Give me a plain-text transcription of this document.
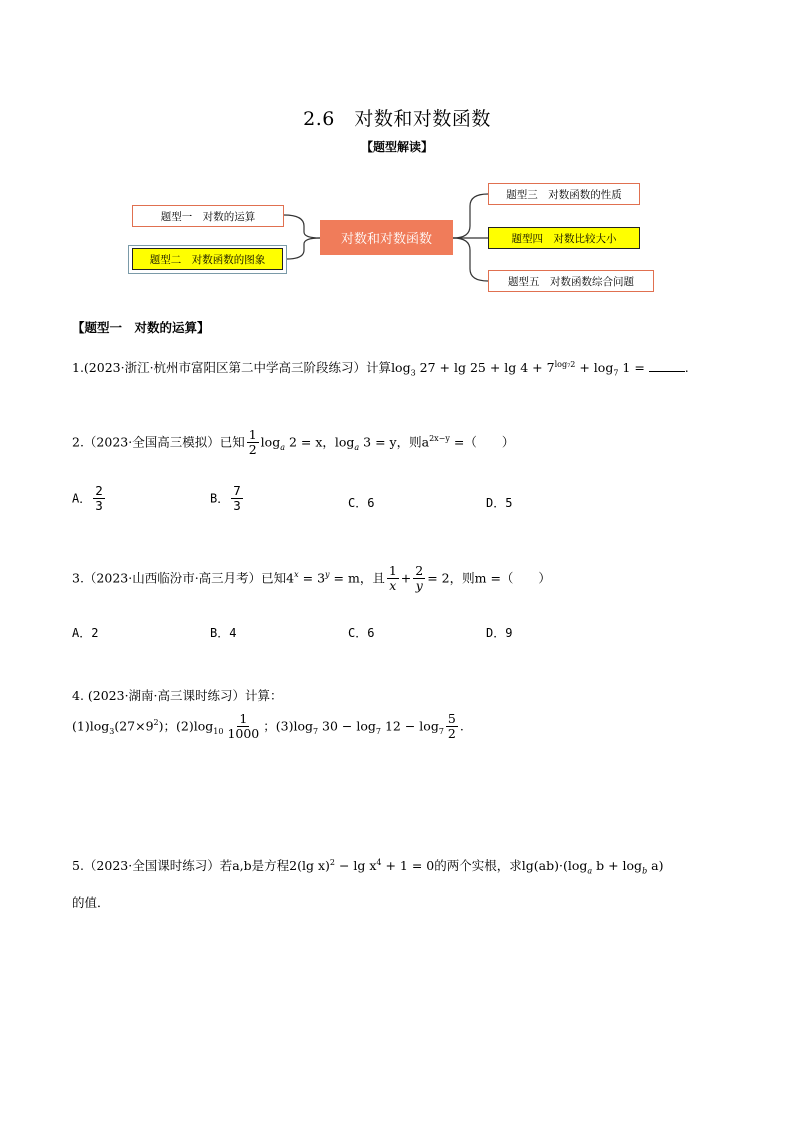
2.6　对数和对数函数
【题型解读】
题型一　对数的运算
题型二　对数函数的图象
对数和对数函数
题型三　对数函数的性质
题型四　对数比较大小
题型五　对数函数综合问题
【题型一　对数的运算】
1.(2023·浙江·杭州市富阳区第二中学高三阶段练习）计算$\log_3 27 + \lg 25 + \lg 4 + 7^{log_72} + \log_7 1$ =	.
2.（2023·全国高三模拟）已知 $\frac{1}{2} \log_a 2 = x$，$\log_a 3 = y$，则$a^{2x-y}$ =（　　）
A． $\frac{2}{3}$	B． $\frac{7}{3}$	C．6	D．5
3.（2023·山西临汾市·高三月考）已知$4^x = 3^y = m$，且 $\frac{1}{x} + \frac{2}{y} = 2$，则m =（　　）
A．2	B．4	C．6	D．9
4. (2023·湖南·高三课时练习）计算：
$(1)\log_3(27\times 9^2)$；$(2)\log_{10} \frac{1}{1000}$ ；$(3)\log_7$ $30 - \log_7 12 - \log_7 \frac{5}{2}$ .
5.（2023·全国课时练习）若a,b是方程2(lg $x)^2 - \lg x^4 + 1 = 0$的两个实根，求$\lg(ab)\cdot(\log_a$ $b + \log_b a$)
的值．
